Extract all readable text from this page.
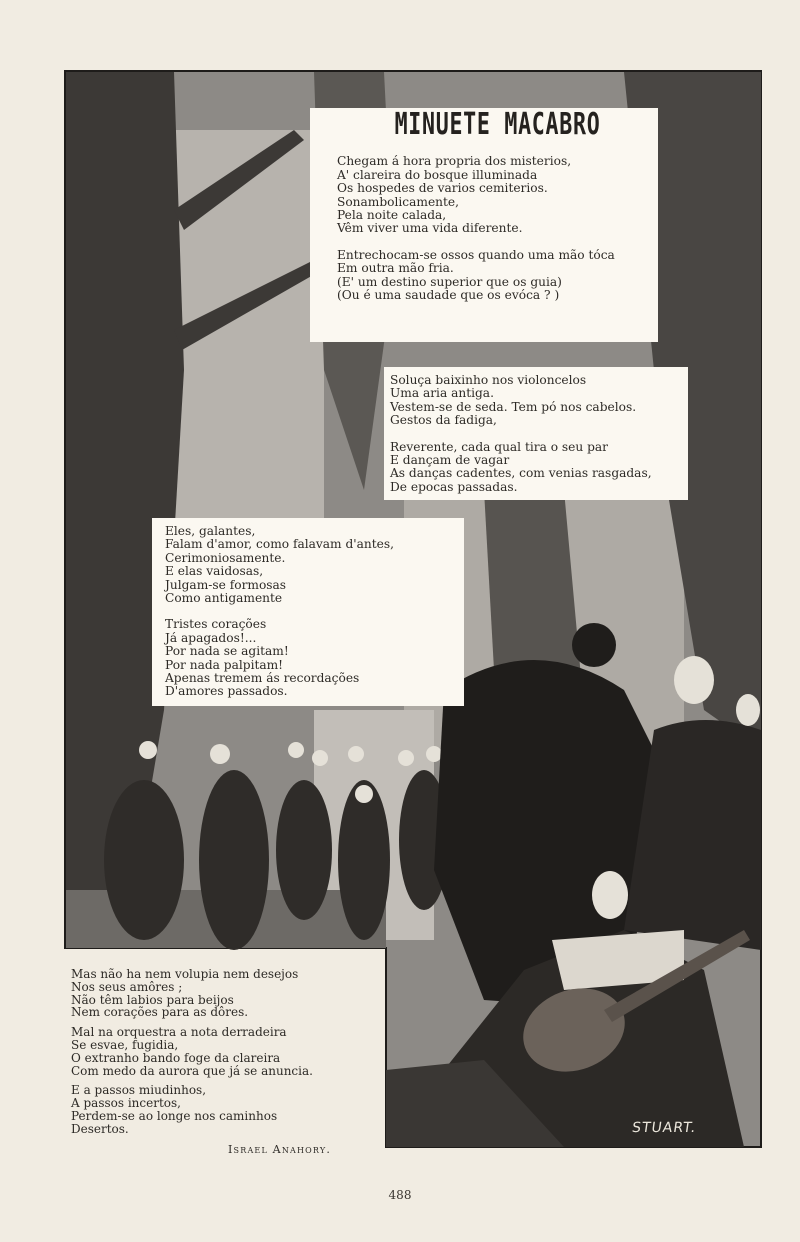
MINUETE MACABRO
Chegam á hora propria dos misterios,
A' clareira do bosque illuminada
Os hospedes de varios cemiterios.
Sonambolicamente,
Pela noite calada,
Vêm viver uma vida diferente.
Entrechocam-se ossos quando uma mão tóca
Em outra mão fria.
(E' um destino superior que os guia)
(Ou é uma saudade que os evóca ? )
Soluça baixinho nos violoncelos
Uma aria antiga.
Vestem-se de seda. Tem pó nos cabelos.
Gestos da fadiga,
Reverente, cada qual tira o seu par
E dançam de vagar
As danças cadentes, com venias rasgadas,
De epocas passadas.
Eles, galantes,
Falam d'amor, como falavam d'antes,
Cerimoniosamente.
E elas vaidosas,
Julgam-se formosas
Como antigamente
Tristes corações
Já apagados!...
Por nada se agitam!
Por nada palpitam!
Apenas tremem ás recordações
D'amores passados.
Mas não ha nem volupia nem desejos
Nos seus amôres ;
Não têm labios para beijos
Nem corações para as dôres.
Mal na orquestra a nota derradeira
Se esvae, fugidia,
O extranho bando foge da clareira
Com medo da aurora que já se anuncia.
E a passos miudinhos,
A passos incertos,
Perdem-se ao longe nos caminhos
Desertos.
Israel Anahory.
STUART.
488
